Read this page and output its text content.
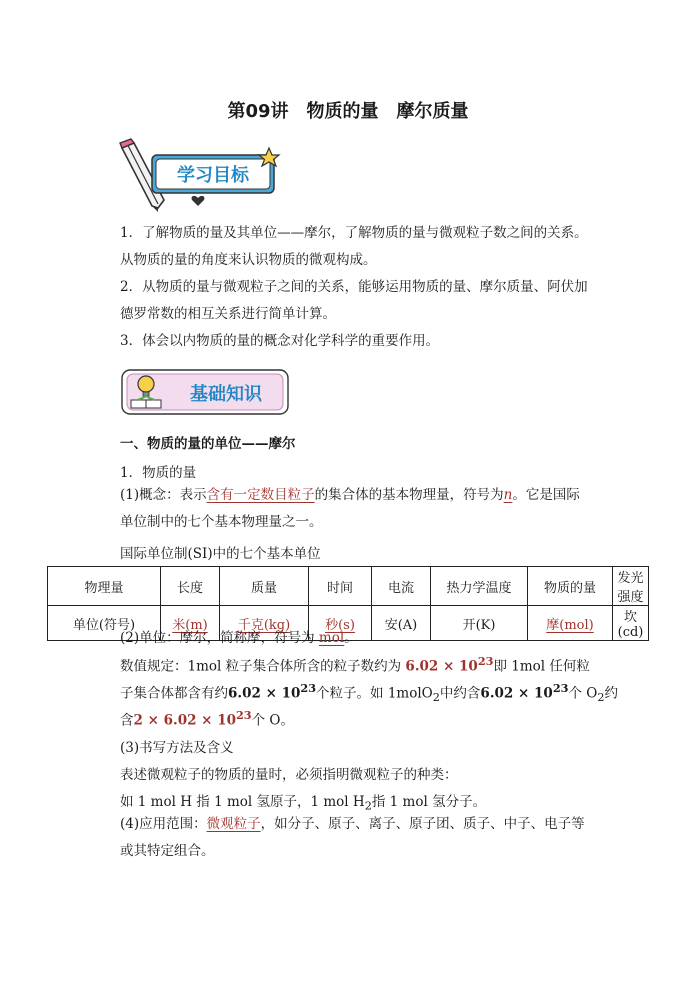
第09讲　物质的量　摩尔质量
学习目标
1．了解物质的量及其单位——摩尔，了解物质的量与微观粒子数之间的关系。从物质的量的角度来认识物质的微观构成。
2．从物质的量与微观粒子之间的关系，能够运用物质的量、摩尔质量、阿伏加德罗常数的相互关系进行简单计算。
3．体会以内物质的量的概念对化学科学的重要作用。
基础知识
一、物质的量的单位——摩尔
1．物质的量
(1)概念：表示含有一定数目粒子的集合体的基本物理量，符号为n。它是国际单位制中的七个基本物理量之一。
国际单位制(SI)中的七个基本单位
物理量	长度	质量	时间	电流	热力学温度	物质的量	发光强度
单位(符号)	米(m)	千克(kg)	秒(s)	安(A)	开(K)	摩(mol)	坎(cd)
(2)单位：摩尔，简称摩，符号为 mol。
数值规定：1mol 粒子集合体所含的粒子数约为 $6.02 \times 10^{23}$即 1mol 任何粒
子集合体都含有约$6.02 \times 10^{23}$个粒子。如 1molO$_2$中约含$6.02 \times 10^{23}$个 $O_2$约
含$2 \times 6.02 \times 10^{23}$个 O。
(3)书写方法及含义
表述微观粒子的物质的量时，必须指明微观粒子的种类：
如 1 mol H 指 1 mol 氢原子，1 mol $H_2$指 1 mol 氢分子。
(4)应用范围：微观粒子，如分子、原子、离子、原子团、质子、中子、电子等或其特定组合。
